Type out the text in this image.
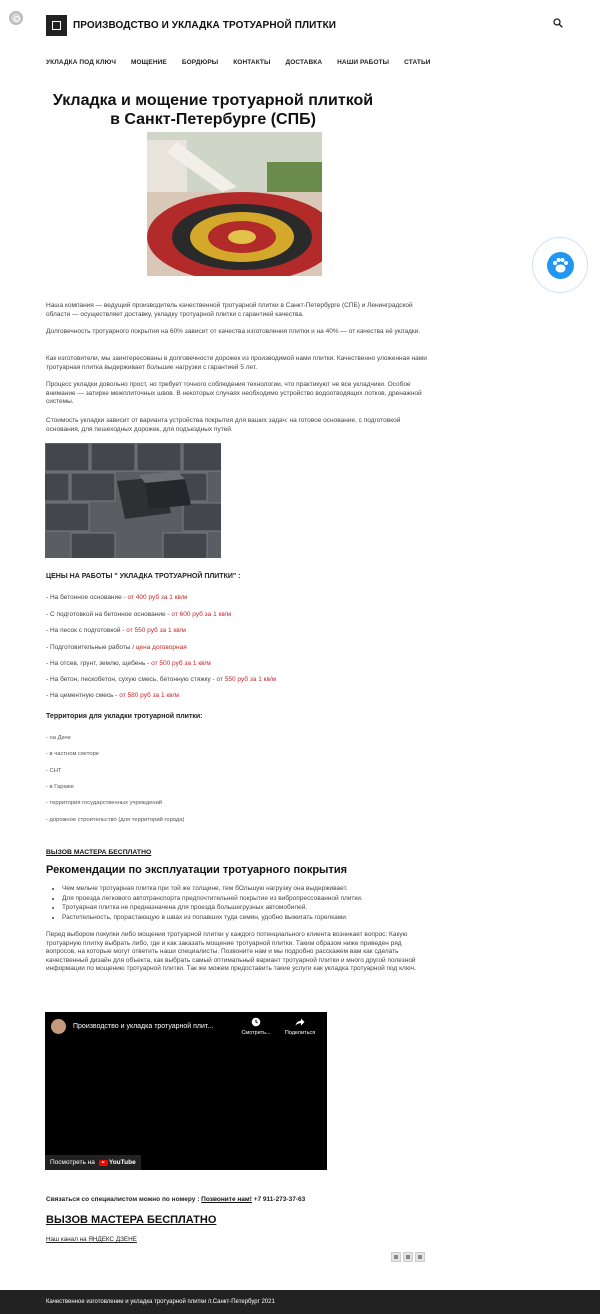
ПРОИЗВОДСТВО И УКЛАДКА ТРОТУАРНОЙ ПЛИТКИ
УКЛАДКА ПОД КЛЮЧ МОЩЕНИЕ БОРДЮРЫ КОНТАКТЫ ДОСТАВКА НАШИ РАБОТЫ СТАТЬИ
Укладка и мощение тротуарной плиткой в Санкт-Петербурге (СПБ)

Наша компания — ведущий производитель качественной тротуарной плитки в Санкт-Петербурге (СПБ) и Ленинградской области — осуществляет доставку, укладку тротуарной плитки с гарантией качества.

Долговечность тротуарного покрытия на 60% зависит от качества изготовления плитки и на 40% — от качества её укладки.

Как изготовители, мы заинтересованы в долговечности дорожек из производимой нами плитки. Качественно уложенная нами тротуарная плитка выдерживает большие нагрузки с гарантией 5 лет.

Процесс укладки довольно прост, но требует точного соблюдения технологии, что практикуют не все укладчики. Особое внимание — затирке межплиточных швов. В некоторых случаях необходимо устройство водоотводящих лотков, дренажной системы.

Стоимость укладки зависит от варианта устройства покрытия для ваших задач: на готовое основание, с подготовкой основания, для пешеходных дорожек, для подъездных путей.

ЦЕНЫ НА РАБОТЫ " УКЛАДКА ТРОТУАРНОЙ ПЛИТКИ" :
- На бетонное основание - от 400 руб за 1 кв/м
- С подготовкой на бетонное основание - от 600 руб за 1 кв/м
- На песок с подготовкой - от 550 руб за 1 кв/м
- Подготовительные работы / цена договорная
- На отсев, грунт, землю, щебень - от 500 руб за 1 кв/м
- На бетон, пескобетон, сухую смесь, бетонную стяжку - от 550 руб за 1 кв/м
- На цементную смесь - от 580 руб за 1 кв/м
Территория для укладки тротуарной плитки:
- на Даче
- в частном секторе
- СНТ
- в Гараже
- территория государственных учреждений
- дорожное строительство (для территорий города)
ВЫЗОВ МАСТЕРА БЕСПЛАТНО
Рекомендации по эксплуатации тротуарного покрытия
• Чем мельче тротуарная плитка при той же толщине, тем бОльшую нагрузку она выдерживает.
• Для проезда легкового автотранспорта предпочтительней покрытие из вибропрессованной плитки.
• Тротуарная плитка не предназначена для проезда большегрузных автомобилей.
• Растительность, прорастающую в швах из попавших туда семян, удобно выжигать горелками.

Перед выбором покупки либо мощения тротуарной плитки у каждого потенциального клиента возникает вопрос: Какую тротуарную плитку выбрать либо, где и как заказать мощение тротуарной плитки. Таким образом ниже приведен ряд вопросов, на которые могут ответить наши специалисты. Позвоните нам и мы подробно расскажем вам как сделать качественный дизайн для объекта, как выбрать самый оптимальный вариант тротуарной плитки и много другой полезной информации по мощению тротуарной плитки. Так же можем предоставить такие услуги как укладка тротуарной под ключ.

Производство и укладка тротуарной плит...
Смотреть...	Поделиться
Посмотреть на YouTube
Связаться со специалистом можно по номеру : Позвоните нам! +7 911-273-37-63
ВЫЗОВ МАСТЕРА БЕСПЛАТНО
Наш канал на ЯНДЕКС ДЗЕНЕ
Качественное изготовление и укладка тротуарной плитки /г.Санкт-Петербург 2021
